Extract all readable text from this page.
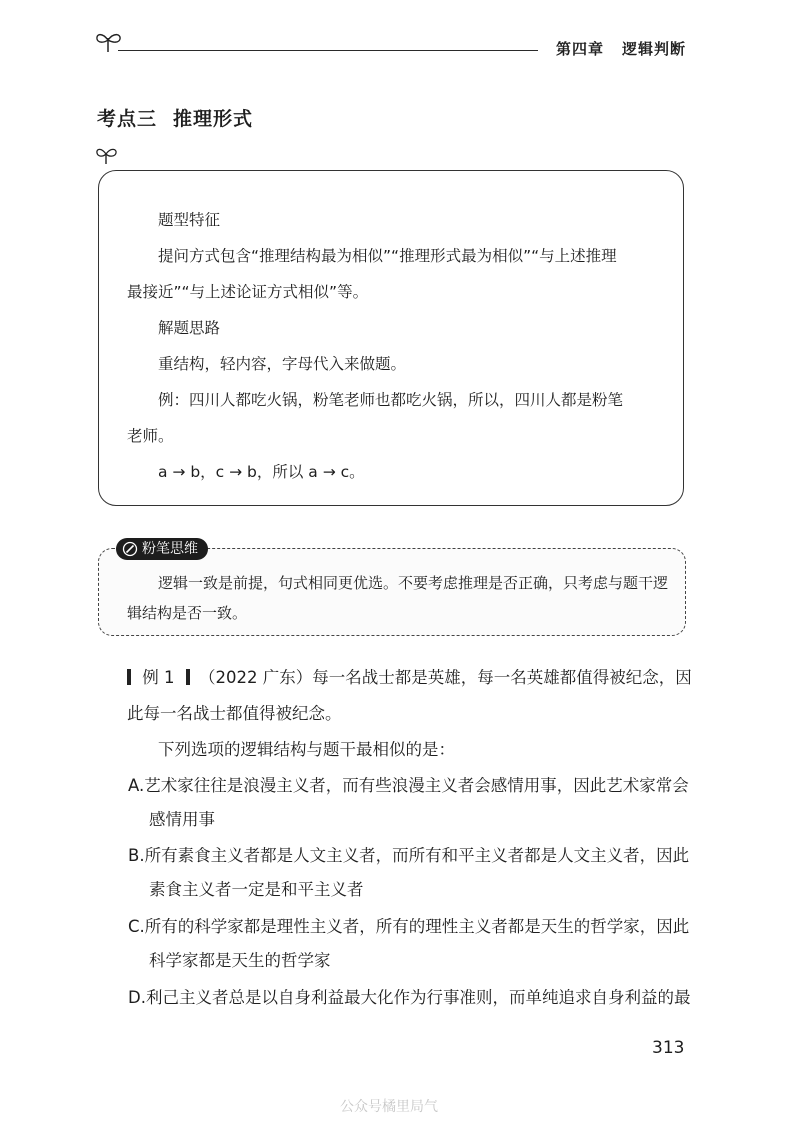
第四章 逻辑判断
考点三 推理形式
题型特征
提问方式包含“推理结构最为相似”“推理形式最为相似”“与上述推理
最接近”“与上述论证方式相似”等。
解题思路
重结构，轻内容，字母代入来做题。
例：四川人都吃火锅，粉笔老师也都吃火锅，所以，四川人都是粉笔
老师。
a → b，c → b，所以 a → c。
粉笔思维
逻辑一致是前提，句式相同更优选。不要考虑推理是否正确，只考虑与题干逻
辑结构是否一致。
例 1 （2022 广东）每一名战士都是英雄，每一名英雄都值得被纪念，因
此每一名战士都值得被纪念。
下列选项的逻辑结构与题干最相似的是：
A.艺术家往往是浪漫主义者，而有些浪漫主义者会感情用事，因此艺术家常会
感情用事
B.所有素食主义者都是人文主义者，而所有和平主义者都是人文主义者，因此
素食主义者一定是和平主义者
C.所有的科学家都是理性主义者，所有的理性主义者都是天生的哲学家，因此
科学家都是天生的哲学家
D.利己主义者总是以自身利益最大化作为行事准则，而单纯追求自身利益的最
313
公众号橘里局气
